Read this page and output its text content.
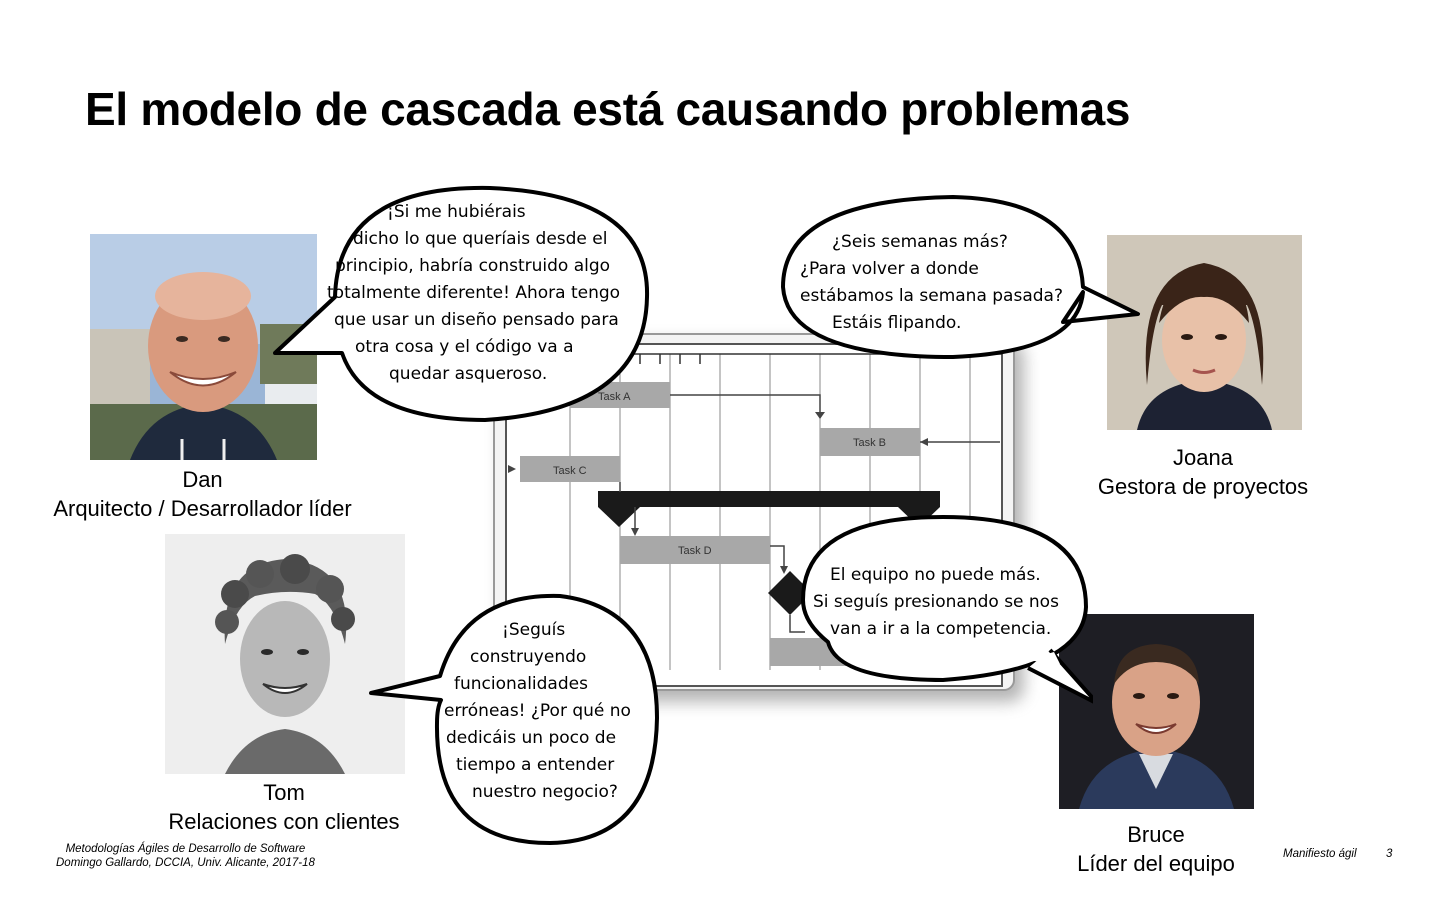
El modelo de cascada está causando problemas
Task A
Task B
Task C
Task D
¡Si me hubiérais
dicho lo que queríais desde el
principio, habría construido algo
totalmente diferente! Ahora tengo
que usar un diseño pensado para
otra cosa y el código va a
quedar asqueroso.
¿Seis semanas más?
¿Para volver a donde
estábamos la semana pasada?
Estáis flipando.
¡Seguís
construyendo
funcionalidades
erróneas! ¿Por qué no
dedicáis un poco de
tiempo a entender
nuestro negocio?
El equipo no puede más.
Si seguís presionando se nos
van a ir a la competencia.
Dan
Arquitecto / Desarrollador líder
Joana
Gestora de proyectos
Tom
Relaciones con clientes
Bruce
Líder del equipo
Metodologías Ágiles de Desarrollo de Software
Domingo Gallardo, DCCIA, Univ. Alicante, 2017-18
Manifiesto ágil	3
